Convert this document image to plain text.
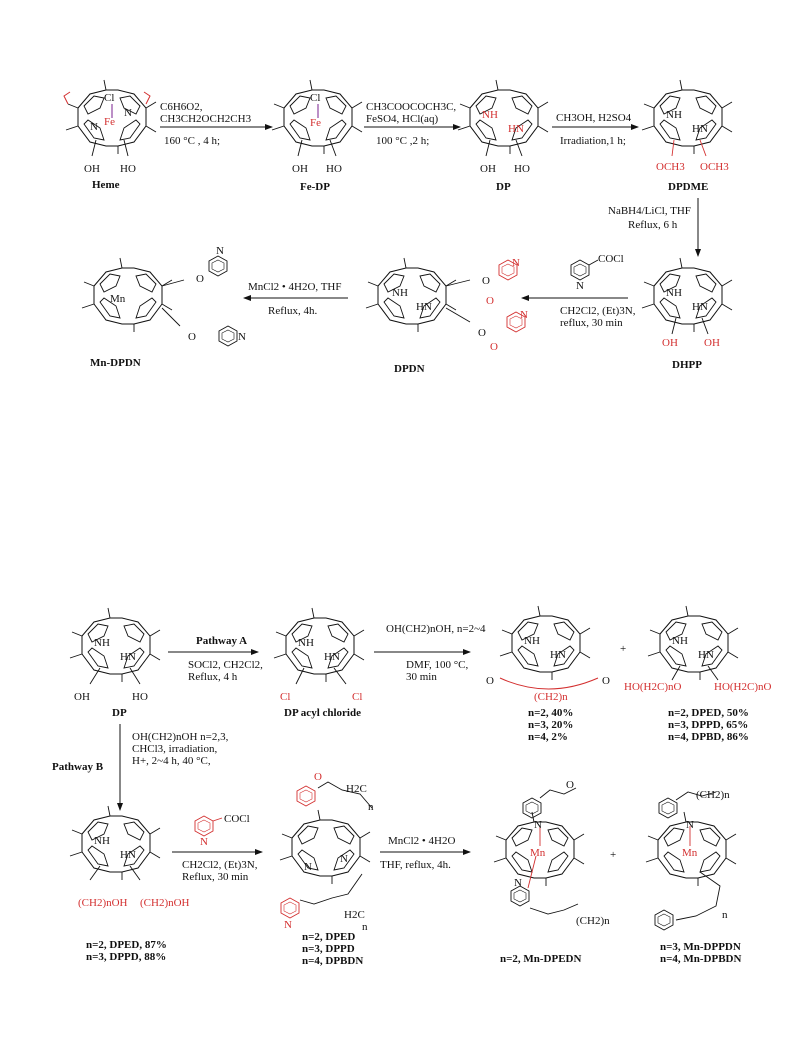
Cl
Fe
N
N
OH HO
Heme
C6H6O2,
CH3CH2OCH2CH3
160 °C , 4 h;
Cl
Fe
OH HO
Fe-DP
CH3COOCOCH3C,
FeSO4, HCl(aq)
100 °C ,2 h;
NH
HN
OH HO
DP
CH3OH, H2SO4
Irradiation,1 h;
NH
HN
OCH3 OCH3
DPDME
NaBH4/LiCl, THF
Reflux, 6 h
NH
HN
OH OH
DHPP
N
COCl
CH2Cl2, (Et)3N,
reflux, 30 min
NH
HN
O
O
O
O
N
N
DPDN
MnCl2 • 4H2O, THF
Reflux, 4h.
Mn
O
O
N
N
Mn-DPDN
NH
HN
OH	HO
DP
Pathway A
SOCl2, CH2Cl2,
Reflux, 4 h
NH
HN
Cl	Cl
DP acyl chloride
OH(CH2)nOH, n=2~4
DMF, 100 °C,
30 min
NH
HN
O	O
(CH2)n
n=2, 40%
n=3, 20%
n=4, 2%
+
NH
HN
HO(H2C)nO	HO(H2C)nO
n=2, DPED, 50%
n=3, DPPD, 65%
n=4, DPBD, 86%
Pathway B
OH(CH2)nOH n=2,3,
CHCl3, irradiation,
H+, 2~4 h, 40 °C,
NH
HN
(CH2)nOH (CH2)nOH
n=2, DPED, 87%
n=3, DPPD, 88%
N
COCl
CH2Cl2, (Et)3N,
Reflux, 30 min
O
H2C
n
N
N
H2C
n
N
n=2, DPED
n=3, DPPD
n=4, DPBDN
MnCl2 • 4H2O
THF, reflux, 4h.
Mn
N
N
O
(CH2)n
n=2, Mn-DPEDN
+	Mn
N
(CH2)n
n
n=3, Mn-DPPDN
n=4, Mn-DPBDN
